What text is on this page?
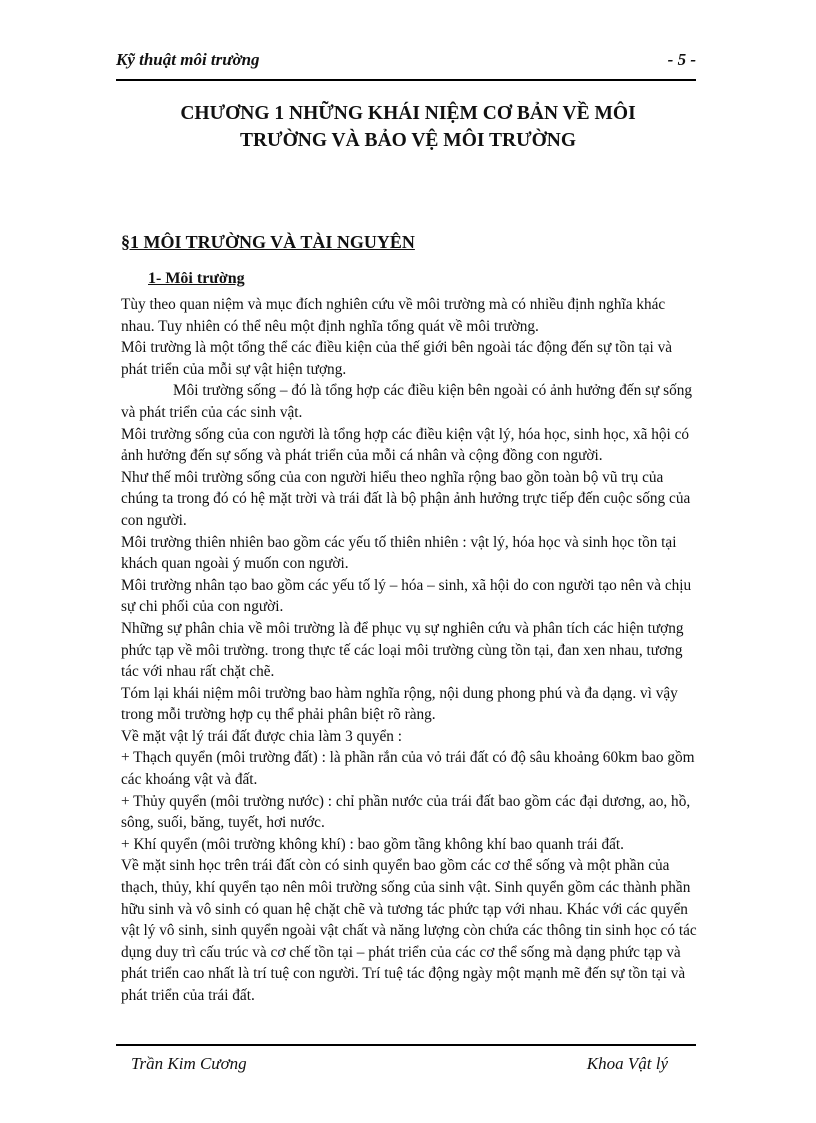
Kỹ thuật môi trường	- 5 -
CHƯƠNG 1 NHỮNG KHÁI NIỆM CƠ BẢN VỀ MÔI
TRƯỜNG VÀ BẢO VỆ MÔI TRƯỜNG
§1 MÔI TRƯỜNG VÀ TÀI NGUYÊN
1- Môi trường

Tùy theo quan niệm và mục đích nghiên cứu về môi trường mà có nhiều định nghĩa khác nhau. Tuy nhiên có thể nêu một định nghĩa tổng quát về môi trường.

Môi trường là một tổng thể các điều kiện của thế giới bên ngoài tác động đến sự tồn tại và phát triển của mỗi sự vật hiện tượng.

Môi trường sống – đó là tổng hợp các điều kiện bên ngoài có ảnh hưởng đến sự sống và phát triển của các sinh vật.

Môi trường sống của con người là tổng hợp các điều kiện vật lý, hóa học, sinh học, xã hội có ảnh hưởng đến sự sống và phát triển của mỗi cá nhân và cộng đồng con người.

Như thế môi trường sống của con người hiểu theo nghĩa rộng bao gồn toàn bộ vũ trụ của chúng ta trong đó có hệ mặt trời và trái đất là bộ phận ảnh hưởng trực tiếp đến cuộc sống của con người.

Môi trường thiên nhiên bao gồm các yếu tố thiên nhiên : vật lý, hóa học và sinh học tồn tại khách quan ngoài ý muốn con người.

Môi trường nhân tạo bao gồm các yếu tố lý – hóa – sinh, xã hội do con người tạo nên và chịu sự chi phối của con người.

Những sự phân chia về môi trường là để phục vụ sự nghiên cứu và phân tích các hiện tượng phức tạp về môi trường. trong thực tế các loại môi trường cùng tồn tại, đan xen nhau, tương tác với nhau rất chặt chẽ.

Tóm lại khái niệm môi trường bao hàm nghĩa rộng, nội dung phong phú và đa dạng. vì vậy trong mỗi trường hợp cụ thể phải phân biệt rõ ràng.

Về mặt vật lý trái đất được chia làm 3 quyển :

+ Thạch quyển (môi trường đất) : là phần rắn của vỏ trái đất có độ sâu khoảng 60km bao gồm các khoáng vật và đất.

+ Thủy quyển (môi trường nước) : chỉ phần nước của trái đất bao gồm các đại dương, ao, hồ, sông, suối, băng, tuyết, hơi nước.

+ Khí quyển (môi trường không khí) : bao gồm tầng không khí bao quanh trái đất.

Về mặt sinh học trên trái đất còn có sinh quyển bao gồm các cơ thể sống và một phần của thạch, thủy, khí quyển tạo nên môi trường sống của sinh vật. Sinh quyển gồm các thành phần hữu sinh và vô sinh có quan hệ chặt chẽ và tương tác phức tạp với nhau. Khác với các quyển vật lý vô sinh, sinh quyển ngoài vật chất và năng lượng còn chứa các thông tin sinh học có tác dụng duy trì cấu trúc và cơ chế tồn tại – phát triển của các cơ thể sống mà dạng phức tạp và phát triển cao nhất là trí tuệ con người. Trí tuệ tác động ngày một mạnh mẽ đến sự tồn tại và phát triển của trái đất.

Trần Kim Cương	Khoa Vật lý
